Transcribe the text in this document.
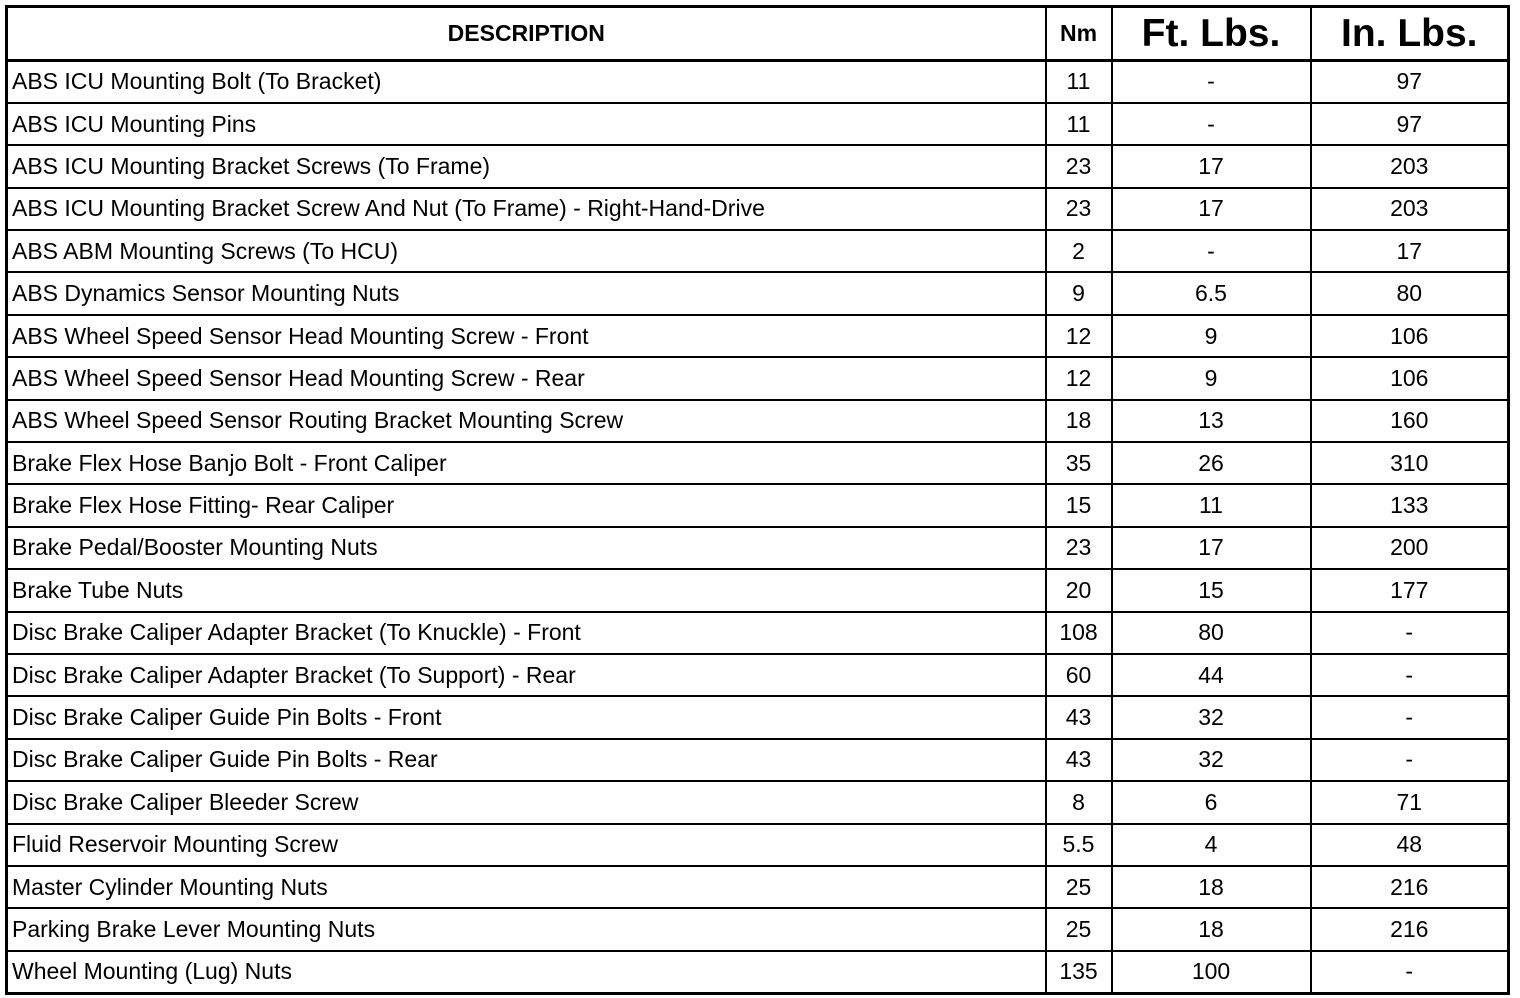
DESCRIPTION	Nm	Ft. Lbs.	In. Lbs.
ABS ICU Mounting Bolt (To Bracket)	11	-	97
ABS ICU Mounting Pins	11	-	97
ABS ICU Mounting Bracket Screws (To Frame)	23	17	203
ABS ICU Mounting Bracket Screw And Nut (To Frame) - Right-Hand-Drive	23	17	203
ABS ABM Mounting Screws (To HCU)	2	-	17
ABS Dynamics Sensor Mounting Nuts	9	6.5	80
ABS Wheel Speed Sensor Head Mounting Screw - Front	12	9	106
ABS Wheel Speed Sensor Head Mounting Screw - Rear	12	9	106
ABS Wheel Speed Sensor Routing Bracket Mounting Screw	18	13	160
Brake Flex Hose Banjo Bolt - Front Caliper	35	26	310
Brake Flex Hose Fitting- Rear Caliper	15	11	133
Brake Pedal/Booster Mounting Nuts	23	17	200
Brake Tube Nuts	20	15	177
Disc Brake Caliper Adapter Bracket (To Knuckle) - Front	108	80	-
Disc Brake Caliper Adapter Bracket (To Support) - Rear	60	44	-
Disc Brake Caliper Guide Pin Bolts - Front	43	32	-
Disc Brake Caliper Guide Pin Bolts - Rear	43	32	-
Disc Brake Caliper Bleeder Screw	8	6	71
Fluid Reservoir Mounting Screw	5.5	4	48
Master Cylinder Mounting Nuts	25	18	216
Parking Brake Lever Mounting Nuts	25	18	216
Wheel Mounting (Lug) Nuts	135	100	-
